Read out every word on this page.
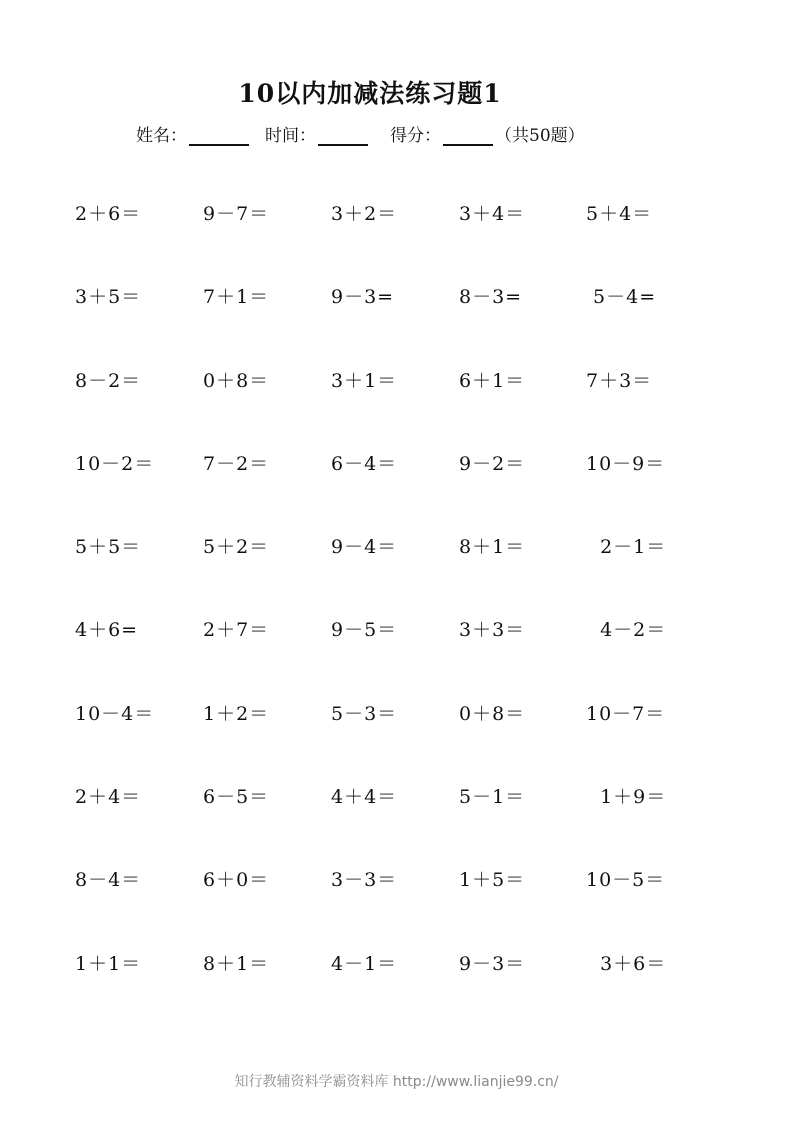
10以内加减法练习题1
姓名：	时间：	得分：	（共50题）
2＋6＝	9－7＝	3＋2＝	3＋4＝	5＋4＝
3＋5＝	7＋1＝	9－3=	8－3=	5－4=
8－2＝	0＋8＝	3＋1＝	6＋1＝	7＋3＝
10－2＝	7－2＝	6－4＝	9－2＝	10－9＝
5＋5＝	5＋2＝	9－4＝	8＋1＝	2－1＝
4＋6=	2＋7＝	9－5＝	3＋3＝	4－2＝
10－4＝	1＋2＝	5－3＝	0＋8＝	10－7＝
2＋4＝	6－5＝	4＋4＝	5－1＝	1＋9＝
8－4＝	6＋0＝	3－3＝	1＋5＝	10－5＝
1＋1＝	8＋1＝	4－1＝	9－3＝	3＋6＝
知行教辅资料学霸资料库 http://www.lianjie99.cn/
